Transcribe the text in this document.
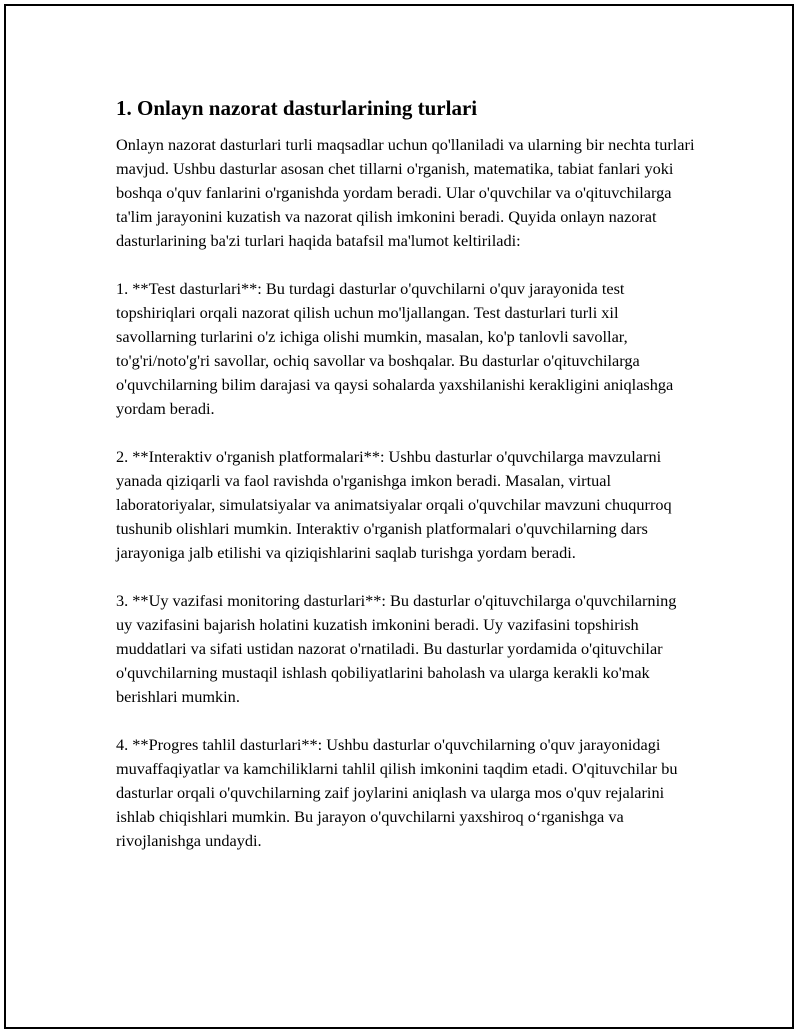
1. Onlayn nazorat dasturlarining turlari

Onlayn nazorat dasturlari turli maqsadlar uchun qo'llaniladi va ularning bir nechta turlari mavjud. Ushbu dasturlar asosan chet tillarni o'rganish, matematika, tabiat fanlari yoki boshqa o'quv fanlarini o'rganishda yordam beradi. Ular o'quvchilar va o'qituvchilarga ta'lim jarayonini kuzatish va nazorat qilish imkonini beradi. Quyida onlayn nazorat dasturlarining ba'zi turlari haqida batafsil ma'lumot keltiriladi:

1. **Test dasturlari**: Bu turdagi dasturlar o'quvchilarni o'quv jarayonida test topshiriqlari orqali nazorat qilish uchun mo'ljallangan. Test dasturlari turli xil savollarning turlarini o'z ichiga olishi mumkin, masalan, ko'p tanlovli savollar, to'g'ri/noto'g'ri savollar, ochiq savollar va boshqalar. Bu dasturlar o'qituvchilarga o'quvchilarning bilim darajasi va qaysi sohalarda yaxshilanishi kerakligini aniqlashga yordam beradi.

2. **Interaktiv o'rganish platformalari**: Ushbu dasturlar o'quvchilarga mavzularni yanada qiziqarli va faol ravishda o'rganishga imkon beradi. Masalan, virtual laboratoriyalar, simulatsiyalar va animatsiyalar orqali o'quvchilar mavzuni chuqurroq tushunib olishlari mumkin. Interaktiv o'rganish platformalari o'quvchilarning dars jarayoniga jalb etilishi va qiziqishlarini saqlab turishga yordam beradi.

3. **Uy vazifasi monitoring dasturlari**: Bu dasturlar o'qituvchilarga o'quvchilarning uy vazifasini bajarish holatini kuzatish imkonini beradi. Uy vazifasini topshirish muddatlari va sifati ustidan nazorat o'rnatiladi. Bu dasturlar yordamida o'qituvchilar o'quvchilarning mustaqil ishlash qobiliyatlarini baholash va ularga kerakli ko'mak berishlari mumkin.

4. **Progres tahlil dasturlari**: Ushbu dasturlar o'quvchilarning o'quv jarayonidagi muvaffaqiyatlar va kamchiliklarni tahlil qilish imkonini taqdim etadi. O'qituvchilar bu dasturlar orqali o'quvchilarning zaif joylarini aniqlash va ularga mos o'quv rejalarini ishlab chiqishlari mumkin. Bu jarayon o'quvchilarni yaxshiroq o‘rganishga va rivojlanishga undaydi.
